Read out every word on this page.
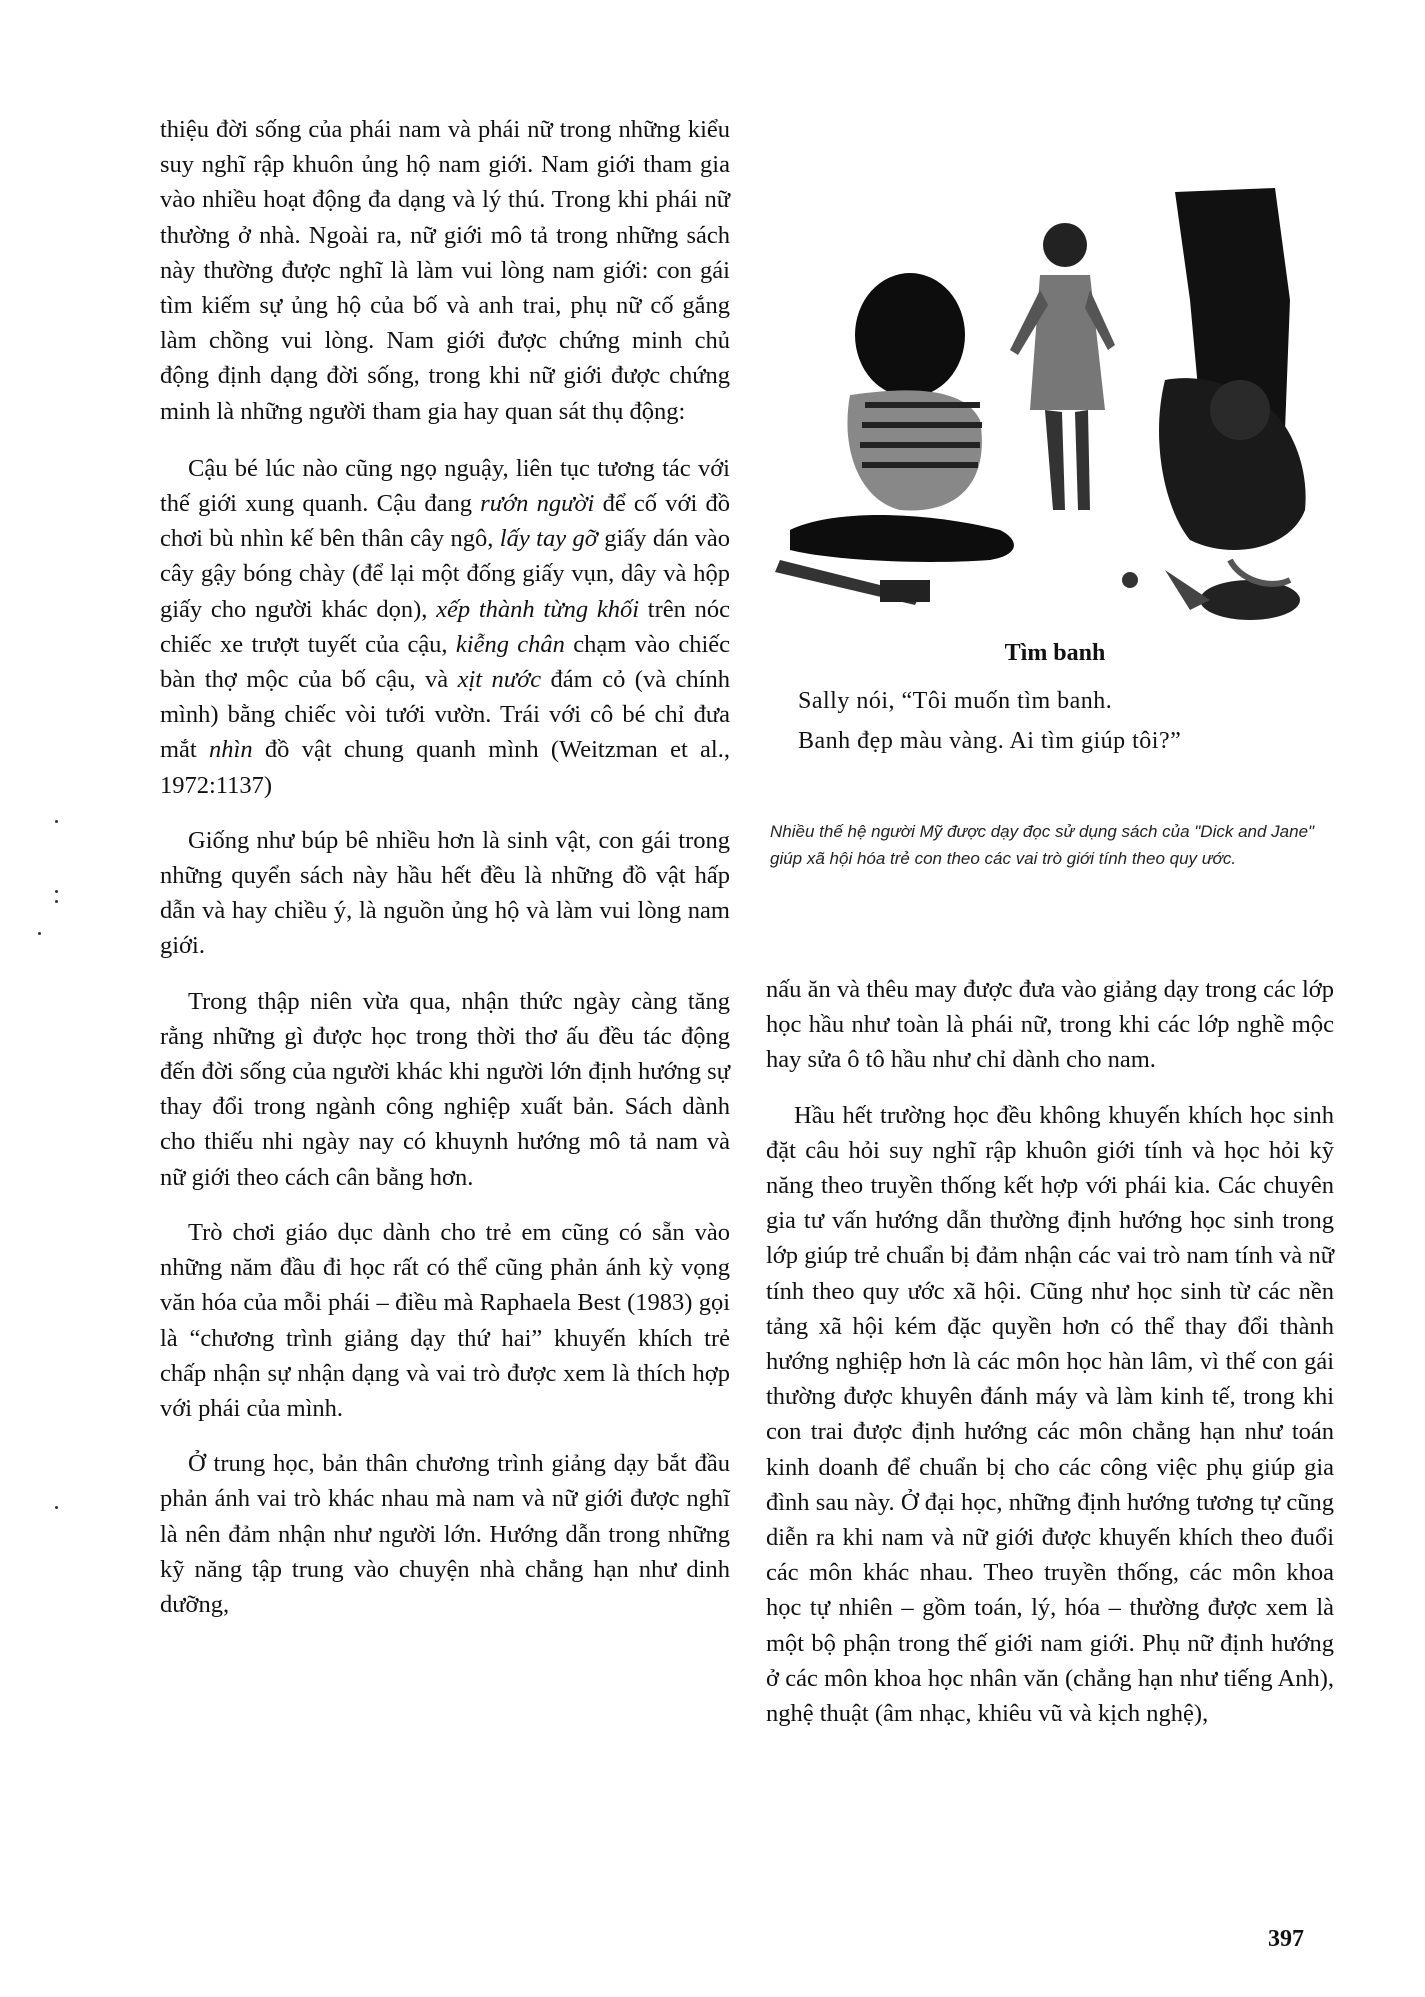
thiệu đời sống của phái nam và phái nữ trong những kiểu suy nghĩ rập khuôn ủng hộ nam giới. Nam giới tham gia vào nhiều hoạt động đa dạng và lý thú. Trong khi phái nữ thường ở nhà. Ngoài ra, nữ giới mô tả trong những sách này thường được nghĩ là làm vui lòng nam giới: con gái tìm kiếm sự ủng hộ của bố và anh trai, phụ nữ cố gắng làm chồng vui lòng. Nam giới được chứng minh chủ động định dạng đời sống, trong khi nữ giới được chứng minh là những người tham gia hay quan sát thụ động:

Cậu bé lúc nào cũng ngọ nguậy, liên tục tương tác với thế giới xung quanh. Cậu đang rướn người để cố với đồ chơi bù nhìn kế bên thân cây ngô, lấy tay gỡ giấy dán vào cây gậy bóng chày (để lại một đống giấy vụn, dây và hộp giấy cho người khác dọn), xếp thành từng khối trên nóc chiếc xe trượt tuyết của cậu, kiễng chân chạm vào chiếc bàn thợ mộc của bố cậu, và xịt nước đám cỏ (và chính mình) bằng chiếc vòi tưới vườn. Trái với cô bé chỉ đưa mắt nhìn đồ vật chung quanh mình (Weitzman et al., 1972:1137)

Giống như búp bê nhiều hơn là sinh vật, con gái trong những quyển sách này hầu hết đều là những đồ vật hấp dẫn và hay chiều ý, là nguồn ủng hộ và làm vui lòng nam giới.

Trong thập niên vừa qua, nhận thức ngày càng tăng rằng những gì được học trong thời thơ ấu đều tác động đến đời sống của người khác khi người lớn định hướng sự thay đổi trong ngành công nghiệp xuất bản. Sách dành cho thiếu nhi ngày nay có khuynh hướng mô tả nam và nữ giới theo cách cân bằng hơn.

Trò chơi giáo dục dành cho trẻ em cũng có sẵn vào những năm đầu đi học rất có thể cũng phản ánh kỳ vọng văn hóa của mỗi phái – điều mà Raphaela Best (1983) gọi là “chương trình giảng dạy thứ hai” khuyến khích trẻ chấp nhận sự nhận dạng và vai trò được xem là thích hợp với phái của mình.

Ở trung học, bản thân chương trình giảng dạy bắt đầu phản ánh vai trò khác nhau mà nam và nữ giới được nghĩ là nên đảm nhận như người lớn. Hướng dẫn trong những kỹ năng tập trung vào chuyện nhà chẳng hạn như dinh dưỡng,

Tìm banh

Sally nói, “Tôi muốn tìm banh.

Banh đẹp màu vàng. Ai tìm giúp tôi?”

Nhiều thế hệ người Mỹ được dạy đọc sử dụng sách của "Dick and Jane" giúp xã hội hóa trẻ con theo các vai trò giới tính theo quy ước.

nấu ăn và thêu may được đưa vào giảng dạy trong các lớp học hầu như toàn là phái nữ, trong khi các lớp nghề mộc hay sửa ô tô hầu như chỉ dành cho nam.

Hầu hết trường học đều không khuyến khích học sinh đặt câu hỏi suy nghĩ rập khuôn giới tính và học hỏi kỹ năng theo truyền thống kết hợp với phái kia. Các chuyên gia tư vấn hướng dẫn thường định hướng học sinh trong lớp giúp trẻ chuẩn bị đảm nhận các vai trò nam tính và nữ tính theo quy ước xã hội. Cũng như học sinh từ các nền tảng xã hội kém đặc quyền hơn có thể thay đổi thành hướng nghiệp hơn là các môn học hàn lâm, vì thế con gái thường được khuyên đánh máy và làm kinh tế, trong khi con trai được định hướng các môn chẳng hạn như toán kinh doanh để chuẩn bị cho các công việc phụ giúp gia đình sau này. Ở đại học, những định hướng tương tự cũng diễn ra khi nam và nữ giới được khuyến khích theo đuổi các môn khác nhau. Theo truyền thống, các môn khoa học tự nhiên – gồm toán, lý, hóa – thường được xem là một bộ phận trong thế giới nam giới. Phụ nữ định hướng ở các môn khoa học nhân văn (chẳng hạn như tiếng Anh), nghệ thuật (âm nhạc, khiêu vũ và kịch nghệ),

397
